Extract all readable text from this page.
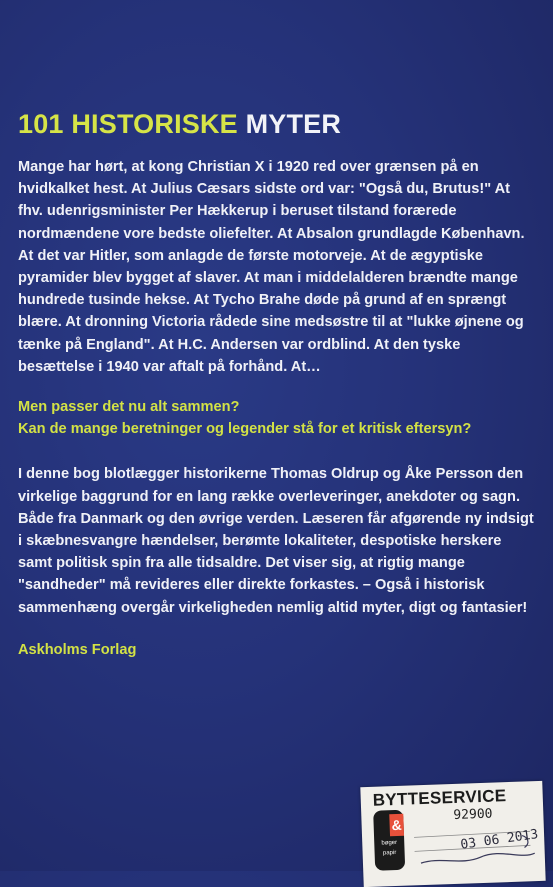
101 HISTORISKE MYTER

Mange har hørt, at kong Christian X i 1920 red over grænsen på en hvidkalket hest. At Julius Cæsars sidste ord var: "Også du, Brutus!" At fhv. udenrigsminister Per Hækkerup i beruset tilstand forærede nordmændene vore bedste oliefelter. At Absalon grundlagde København. At det var Hitler, som anlagde de første motorveje. At de ægyptiske pyramider blev bygget af slaver. At man i middelalderen brændte mange hundrede tusinde hekse. At Tycho Brahe døde på grund af en sprængt blære. At dronning Victoria rådede sine medsøstre til at "lukke øjnene og tænke på England". At H.C. Andersen var ordblind. At den tyske besættelse i 1940 var aftalt på forhånd. At…

Men passer det nu alt sammen?
Kan de mange beretninger og legender stå for et kritisk eftersyn?

I denne bog blotlægger historikerne Thomas Oldrup og Åke Persson den virkelige baggrund for en lang række overleveringer, anekdoter og sagn. Både fra Danmark og den øvrige verden. Læseren får afgørende ny indsigt i skæbnesvangre hændelser, berømte lokaliteter, despotiske herskere samt politisk spin fra alle tidsaldre. Det viser sig, at rigtig mange "sandheder" må revideres eller direkte forkastes. – Også i historisk sammenhæng overgår virkeligheden nemlig altid myter, digt og fantasier!

Askholms Forlag

BYTTESERVICE
92900
bøger
&
papir
03 06 2013
